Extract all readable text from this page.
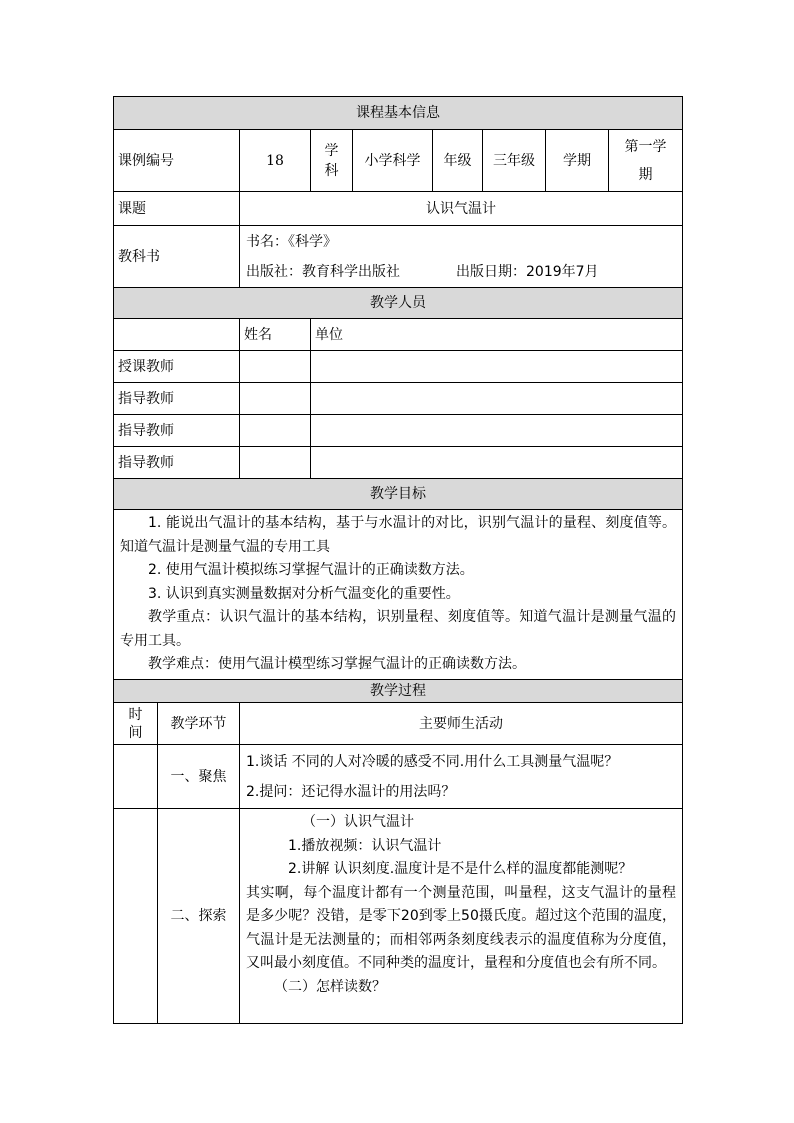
课程基本信息								
课例编号		18	学科	小学科学	年级	三年级	学期	第一学期
课题		认识气温计						
教科书		书名：《科学》

出版社：教育科学出版社 出版日期：2019年7月						

教学人员								
		姓名	单位					
授课教师								
指导教师								
指导教师								
指导教师								
教学目标								

1. 能说出气温计的基本结构，基于与水温计的对比，识别气温计的量程、刻度值等。知道气温计是测量气温的专用工具

2. 使用气温计模拟练习掌握气温计的正确读数方法。

3. 认识到真实测量数据对分析气温变化的重要性。

教学重点：认识气温计的基本结构，识别量程、刻度值等。知道气温计是测量气温的专用工具。

教学难点：使用气温计模型练习掌握气温计的正确读数方法。								

教学过程								
时间	教学环节	主要师生活动						
	一、聚焦	1.谈话 不同的人对冷暖的感受不同.用什么工具测量气温呢？

2.提问：还记得水温计的用法吗？						

	二、探索	（一）认识气温计

1.播放视频：认识气温计

2.讲解 认识刻度.温度计是不是什么样的温度都能测呢？

其实啊，每个温度计都有一个测量范围，叫量程，这支气温计的量程是多少呢？没错，是零下20到零上50摄氏度。超过这个范围的温度，气温计是无法测量的；而相邻两条刻度线表示的温度值称为分度值，又叫最小刻度值。不同种类的温度计，量程和分度值也会有所不同。

（二）怎样读数？						
